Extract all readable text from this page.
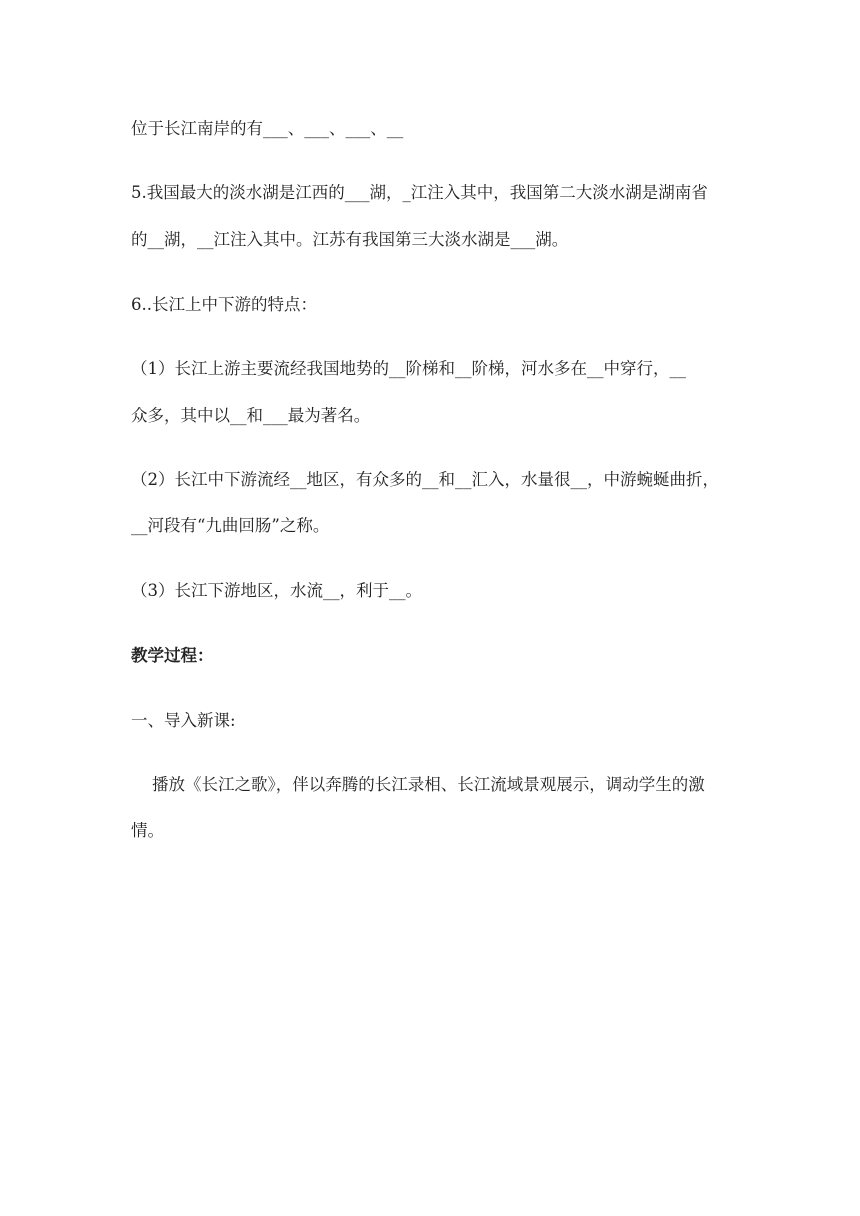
位于长江南岸的有___、___、___、__
5.我国最大的淡水湖是江西的___湖，_江注入其中，我国第二大淡水湖是湖南省
的__湖，__江注入其中。江苏有我国第三大淡水湖是___湖。
6..长江上中下游的特点：
（1）长江上游主要流经我国地势的__阶梯和__阶梯，河水多在__中穿行，__
众多，其中以__和___最为著名。
（2）长江中下游流经__地区，有众多的__和__汇入，水量很__，中游蜿蜒曲折，
__河段有“九曲回肠”之称。
（3）长江下游地区，水流__，利于__。
教学过程：
一、导入新课:
播放《长江之歌》，伴以奔腾的长江录相、长江流域景观展示，调动学生的激
情。
